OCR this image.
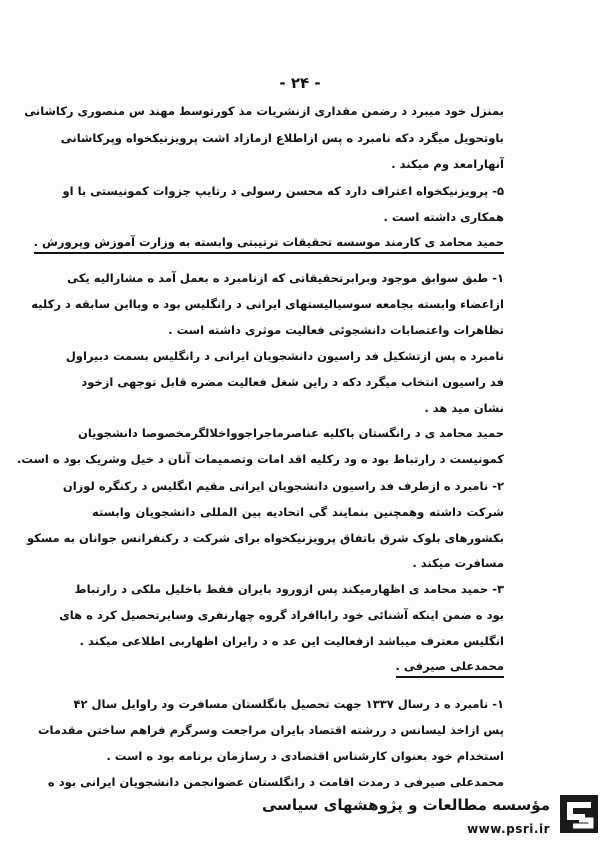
- ۲۴ -
بمنزل خود میبرد د رضمن مقداری ازنشریات مذ کورتوسط مهند س منصوری رکاشانی
باوتحویل میگرد دکه نامبرد ه پس ازاطلاع ازمازاد اشت پرویزنیکخواه وپرکاشانی
آنهارامعد وم میکند .
۵- پرویزنیکخواه اعتراف دارد که محسن رسولی د رتایپ جزوات کمونیستی با او
همکاری داشته است .
حمید محامد ی کارمند موسسه تحقیقات ترتیبتی وابسته به وزارت آموزش وپرورش .
۱- طبق سوابق موجود وبرابرتحقیقاتی که ازنامبرد ه بعمل آمد ه مشارالیه یکی
ازاعضاء وابسته بجامعه سوسیالیستهای ایرانی د رانگلیس بود ه وبااین سابقه د رکلیه
تظاهرات واعتصابات دانشجوئی فعالیت موثری داشته است .
نامبرد ه پس ازتشکیل فد راسیون دانشجویان ایرانی د رانگلیس بسمت دبیراول
فد راسیون انتخاب میگرد دکه د راین شغل فعالیت مضره قابل توجهی ازخود
نشان مید هد .
حمید محامد ی د رانگستان باکلیه عناصرماجراجوواخلالگرمخصوصا دانشجویان
کمونیست د رارتباط بود ه ود رکلیه اقد امات وتصمیمات آنان د خیل وشریک بود ه است.
۲- نامبرد ه ازطرف فد راسیون دانشجویان ایرانی مقیم انگلیس د رکنگره لوزان
شرکت داشته وهمچنین بنمایند گی اتحادیه بین المللی دانشجویان وابسته
بکشورهای بلوک شرق باتفاق پرویزنیکخواه برای شرکت د رکنفرانس جوانان به مسکو
مسافرت میکند .
۳- حمید محامد ی اظهارمیکند پس ازورود بایران فقط باخلیل ملکی د رارتباط
بود ه ضمن اینکه آشنائی خود راباافراد گروه چهارنفری وسایرتحصیل کرد ه های
انگلیس معترف میباشد ازفعالیت این عد ه د رایران اظهاربی اطلاعی میکند .
محمدعلی صیرفی .
۱- نامبرد ه د رسال ۱۳۳۷ جهت تحصیل بانگلستان مسافرت ود راوایل سال ۴۲
پس ازاخذ لیسانس د ررشته اقتصاد بایران مراجعت وسرگرم فراهم ساختن مقدمات
استخدام خود بعنوان کارشناس اقتصادی د رسازمان برنامه بود ه است .
محمدعلی صیرفی د رمدت اقامت د رانگلستان عضوانجمن دانشجویان ایرانی بود ه
مؤسسه مطالعات و پژوهشهای سیاسی
www.psri.ir
